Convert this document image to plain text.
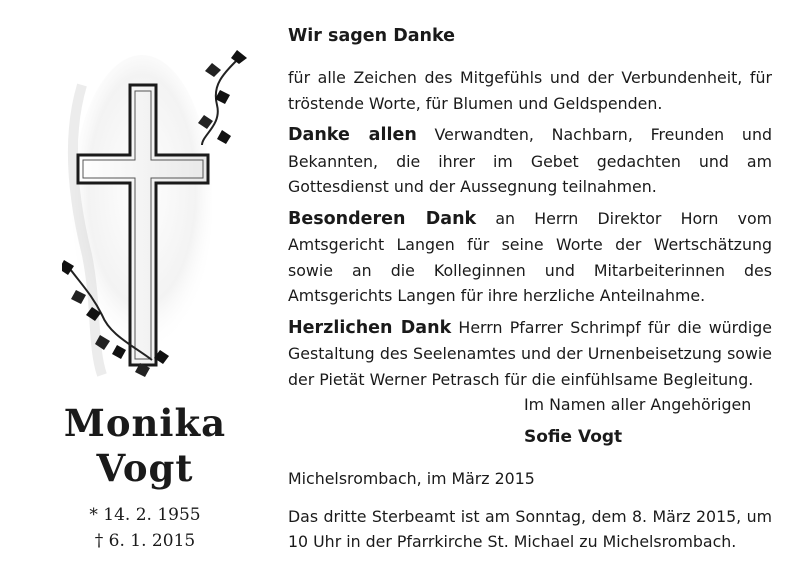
Monika
Vogt
* 14. 2. 1955
† 6. 1. 2015
Wir sagen Danke

für alle Zeichen des Mitgefühls und der Verbundenheit, für tröstende Worte, für Blumen und Geldspenden.

Danke allen Verwandten, Nachbarn, Freunden und Bekannten, die ihrer im Gebet gedachten und am Gottesdienst und der Aussegnung teilnahmen.

Besonderen Dank an Herrn Direktor Horn vom Amtsgericht Langen für seine Worte der Wertschätzung sowie an die Kolleginnen und Mitarbeiterinnen des Amtsgerichts Langen für ihre herzliche Anteilnahme.

Herzlichen Dank Herrn Pfarrer Schrimpf für die würdige Gestaltung des Seelenamtes und der Urnenbeisetzung sowie der Pietät Werner Petrasch für die einfühlsame Begleitung.

Im Namen aller Angehörigen
Sofie Vogt
Michelsrombach, im März 2015

Das dritte Sterbeamt ist am Sonntag, dem 8. März 2015, um 10 Uhr in der Pfarrkirche St. Michael zu Michelsrombach.
